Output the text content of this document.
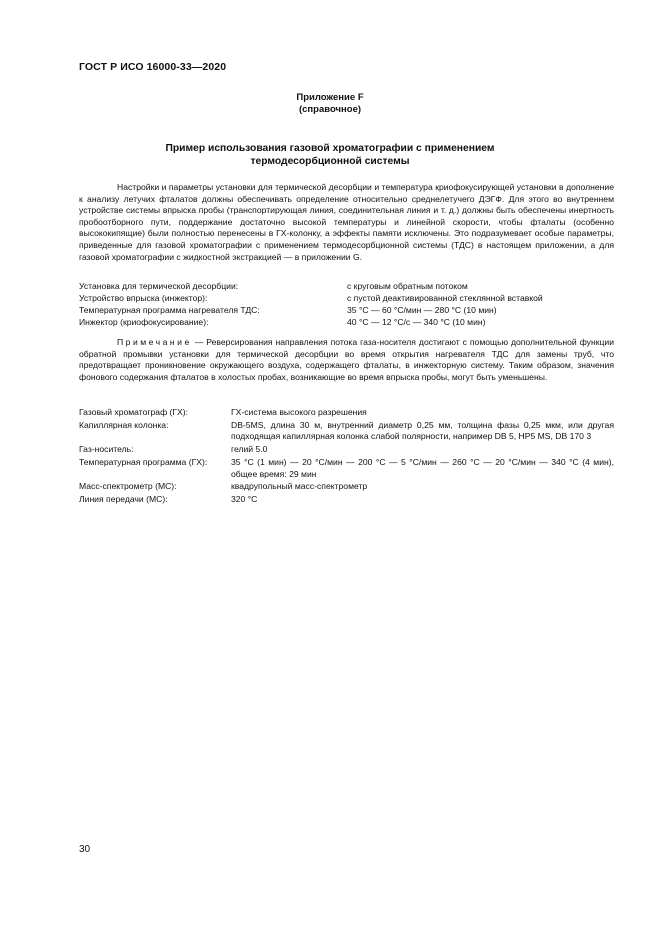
ГОСТ Р ИСО 16000-33—2020
Приложение F
(справочное)
Пример использования газовой хроматографии с применением
термодесорбционной системы

Настройки и параметры установки для термической десорбции и температура криофокусирующей установки в дополнение к анализу летучих фталатов должны обеспечивать определение относительно среднелетучего ДЭГФ. Для этого во внутреннем устройстве системы впрыска пробы (транспортирующая линия, соединительная линия и т. д.) должны быть обеспечены инертность пробоотборного пути, поддержание достаточно высокой температуры и линейной скорости, чтобы фталаты (особенно высококипящие) были полностью перенесены в ГХ-колонку, а эффекты памяти исключены. Это подразумевает особые параметры, приведенные для газовой хроматографии с применением термодесорбционной системы (ТДС) в настоящем приложении, а для газовой хроматографии с жидкостной экстракцией — в приложении G.

Установка для термической десорбции:	с круговым обратным потоком
Устройство впрыска (инжектор):	с пустой деактивированной стеклянной вставкой
Температурная программа нагревателя ТДС:	35 °C — 60 °C/мин — 280 °C (10 мин)
Инжектор (криофокусирование):	40 °C — 12 °C/c — 340 °C (10 мин)

Примечание — Реверсирования направления потока газа-носителя достигают с помощью дополнительной функции обратной промывки установки для термической десорбции во время открытия нагревателя ТДС для замены труб, что предотвращает проникновение окружающего воздуха, содержащего фталаты, в инжекторную систему. Таким образом, значения фонового содержания фталатов в холостых пробах, возникающие во время впрыска пробы, могут быть уменьшены.

Газовый хроматограф (ГХ):	ГХ-система высокого разрешения
Капиллярная колонка:	DB-5MS, длина 30 м, внутренний диаметр 0,25 мм, толщина фазы 0,25 мкм, или другая подходящая капиллярная колонка слабой полярности, например DB 5, HP5 MS, DB 170 3
Газ-носитель:	гелий 5.0
Температурная программа (ГХ):	35 °C (1 мин) — 20 °C/мин — 200 °C — 5 °C/мин — 260 °C — 20 °C/мин — 340 °C (4 мин), общее время: 29 мин
Масс-спектрометр (МС):	квадрупольный масс-спектрометр
Линия передачи (МС):	320 °C
30
